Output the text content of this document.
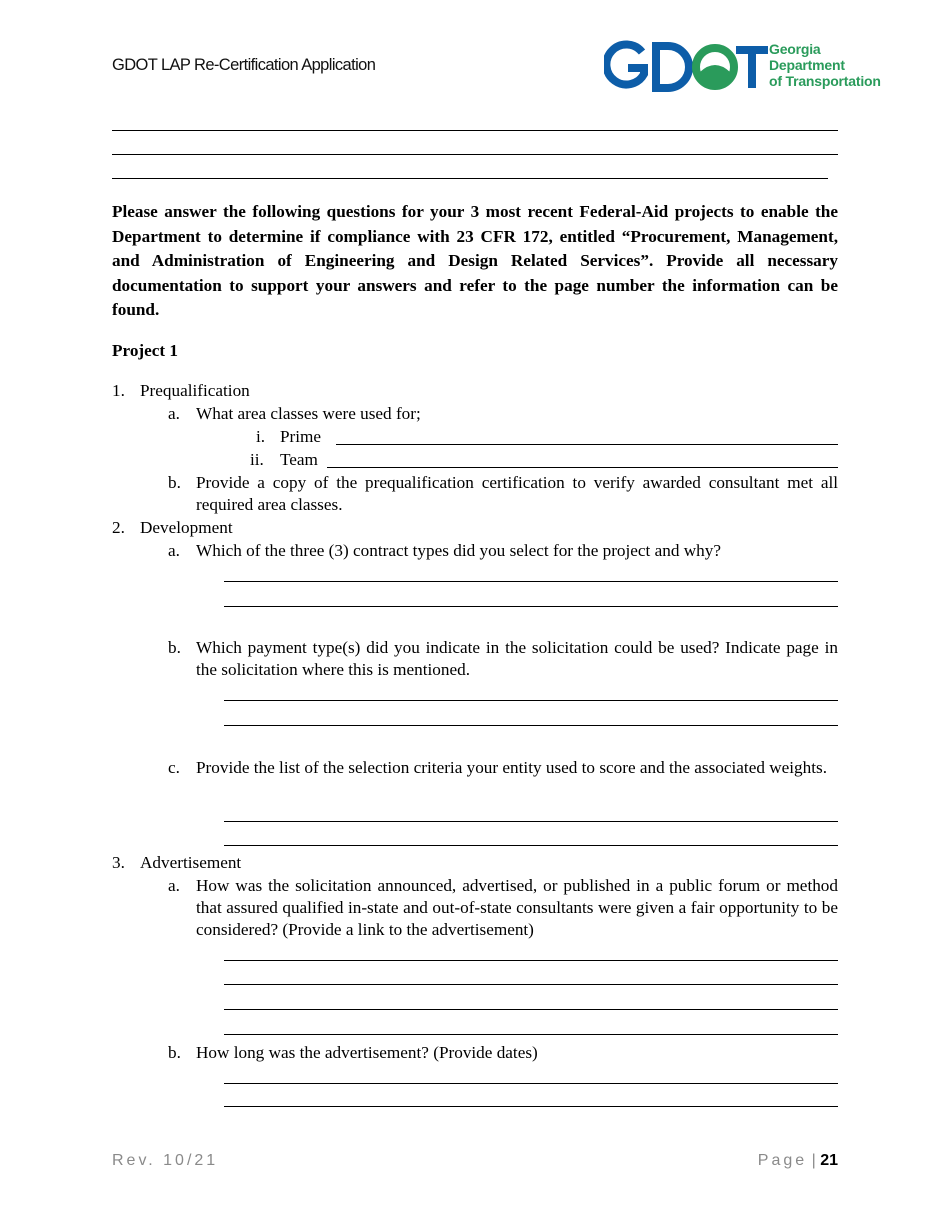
GDOT LAP Re-Certification Application
Georgia
Department
of Transportation
Please answer the following questions for your 3 most recent Federal-Aid projects to enable the Department to determine if compliance with 23 CFR 172, entitled “Procurement, Management, and Administration of Engineering and Design Related Services”. Provide all necessary documentation to support your answers and refer to the page number the information can be found.
Project 1
1. Prequalification
a. What area classes were used for;
i. Prime
ii. Team
b. Provide a copy of the prequalification certification to verify awarded consultant met all required area classes.
2. Development
a. Which of the three (3) contract types did you select for the project and why?
b. Which payment type(s) did you indicate in the solicitation could be used? Indicate page in the solicitation where this is mentioned.
c. Provide the list of the selection criteria your entity used to score and the associated weights.
3. Advertisement
a. How was the solicitation announced, advertised, or published in a public forum or method that assured qualified in-state and out-of-state consultants were given a fair opportunity to be considered? (Provide a link to the advertisement)
b. How long was the advertisement? (Provide dates)
Rev. 10/21	Page | 21
